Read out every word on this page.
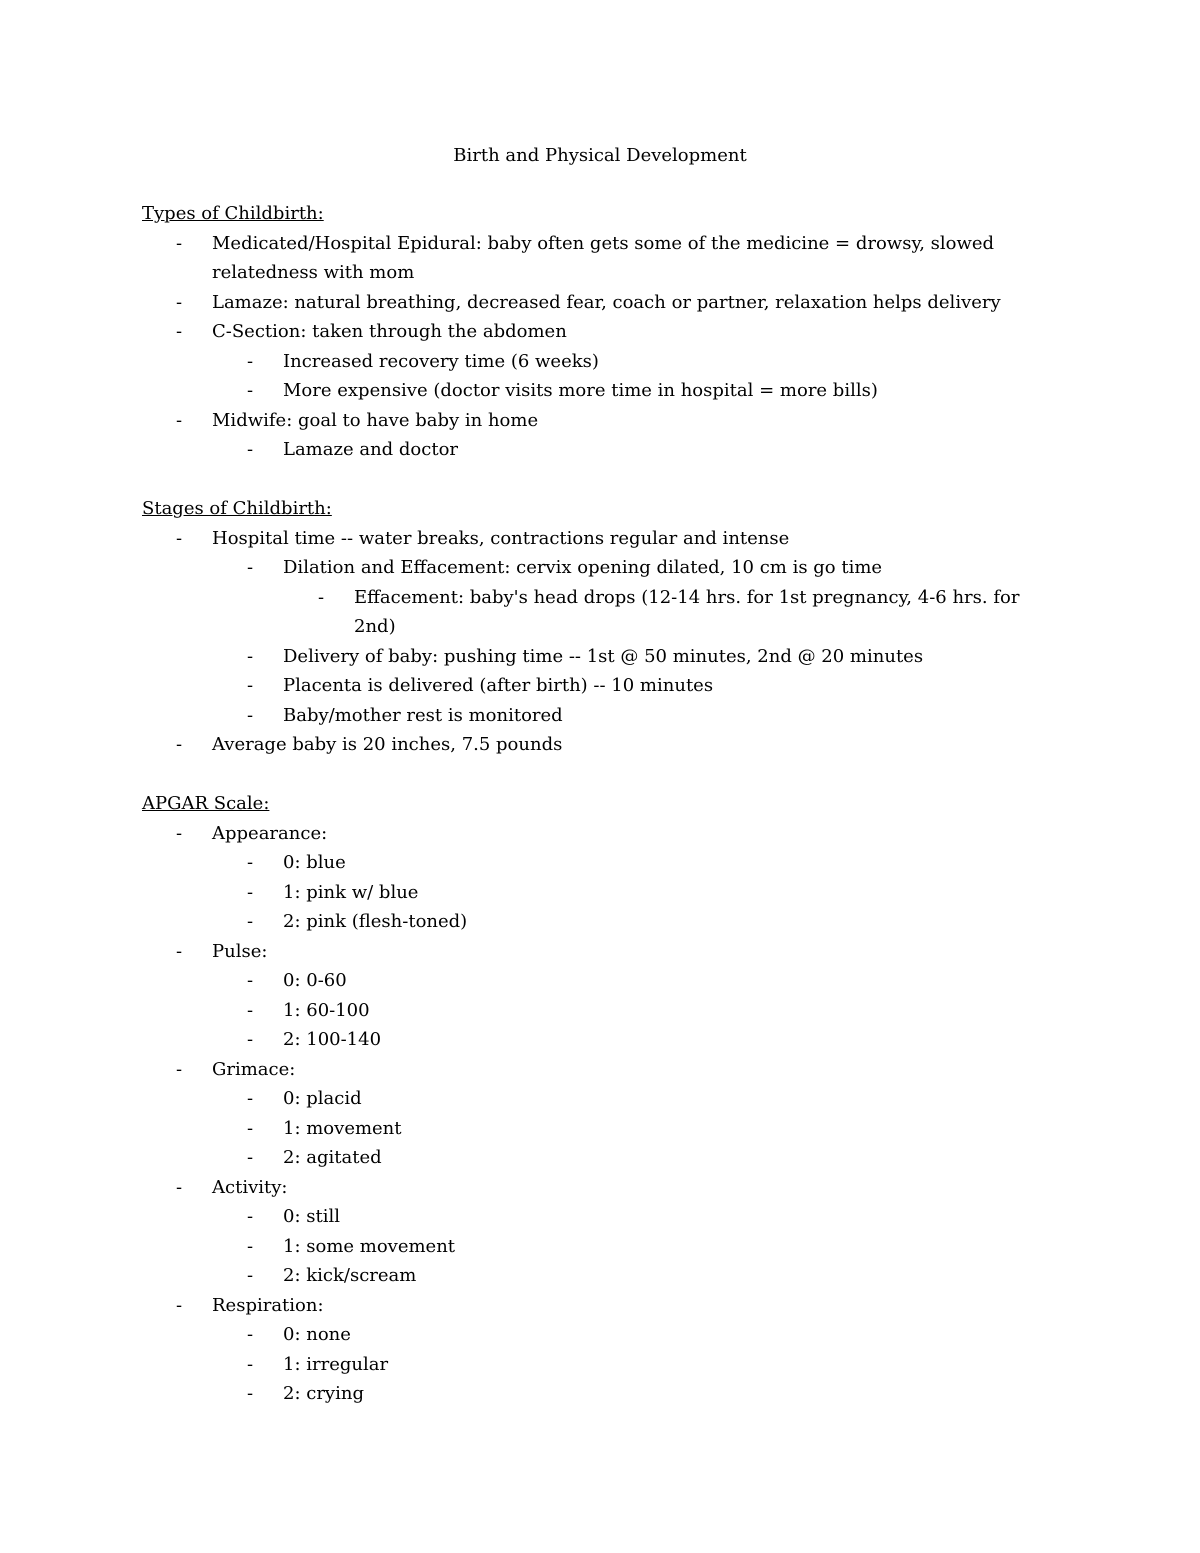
Birth and Physical Development
Types of Childbirth:
- Medicated/Hospital Epidural: baby often gets some of the medicine = drowsy, slowed relatedness with mom
- Lamaze: natural breathing, decreased fear, coach or partner, relaxation helps delivery
- C-Section: taken through the abdomen
- Increased recovery time (6 weeks)
- More expensive (doctor visits more time in hospital = more bills)
- Midwife: goal to have baby in home
- Lamaze and doctor
Stages of Childbirth:
- Hospital time -- water breaks, contractions regular and intense
- Dilation and Effacement: cervix opening dilated, 10 cm is go time
- Effacement: baby's head drops (12-14 hrs. for 1st pregnancy, 4-6 hrs. for 2nd)
- Delivery of baby: pushing time -- 1st @ 50 minutes, 2nd @ 20 minutes
- Placenta is delivered (after birth) -- 10 minutes
- Baby/mother rest is monitored
- Average baby is 20 inches, 7.5 pounds
APGAR Scale:
- Appearance:
- 0: blue
- 1: pink w/ blue
- 2: pink (flesh-toned)
- Pulse:
- 0: 0-60
- 1: 60-100
- 2: 100-140
- Grimace:
- 0: placid
- 1: movement
- 2: agitated
- Activity:
- 0: still
- 1: some movement
- 2: kick/scream
- Respiration:
- 0: none
- 1: irregular
- 2: crying
